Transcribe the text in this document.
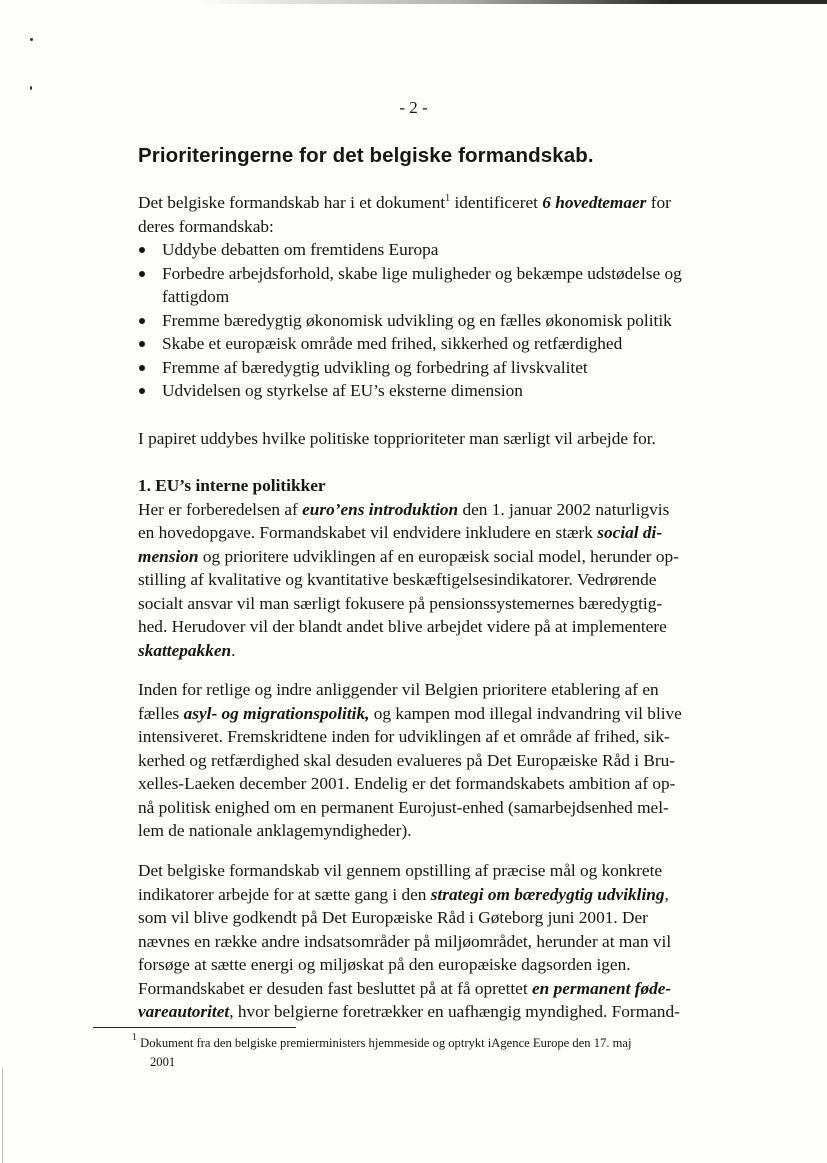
- 2 -
Prioriteringerne for det belgiske formandskab.
Det belgiske formandskab har i et dokument$^1$ identificeret 6 hovedtemaer for
deres formandskab:
Uddybe debatten om fremtidens Europa
Forbedre arbejdsforhold, skabe lige muligheder og bekæmpe udstødelse og
fattigdom
Fremme bæredygtig økonomisk udvikling og en fælles økonomisk politik
Skabe et europæisk område med frihed, sikkerhed og retfærdighed
Fremme af bæredygtig udvikling og forbedring af livskvalitet
Udvidelsen og styrkelse af EU’s eksterne dimension
I papiret uddybes hvilke politiske topprioriteter man særligt vil arbejde for.
1. EU’s interne politikker
Her er forberedelsen af euro’ens introduktion den 1. januar 2002 naturligvis
en hovedopgave. Formandskabet vil endvidere inkludere en stærk social di-
mension og prioritere udviklingen af en europæisk social model, herunder op-
stilling af kvalitative og kvantitative beskæftigelsesindikatorer. Vedrørende
socialt ansvar vil man særligt fokusere på pensionssystemernes bæredygtig-
hed. Herudover vil der blandt andet blive arbejdet videre på at implementere
skattepakken.
Inden for retlige og indre anliggender vil Belgien prioritere etablering af en
fælles asyl- og migrationspolitik, og kampen mod illegal indvandring vil blive
intensiveret. Fremskridtene inden for udviklingen af et område af frihed, sik-
kerhed og retfærdighed skal desuden evalueres på Det Europæiske Råd i Bru-
xelles-Laeken december 2001. Endelig er det formandskabets ambition af op-
nå politisk enighed om en permanent Eurojust-enhed (samarbejdsenhed mel-
lem de nationale anklagemyndigheder).
Det belgiske formandskab vil gennem opstilling af præcise mål og konkrete
indikatorer arbejde for at sætte gang i den strategi om bæredygtig udvikling,
som vil blive godkendt på Det Europæiske Råd i Gøteborg juni 2001. Der
nævnes en række andre indsatsområder på miljøområdet, herunder at man vil
forsøge at sætte energi og miljøskat på den europæiske dagsorden igen.
Formandskabet er desuden fast besluttet på at få oprettet en permanent føde-
vareautoritet, hvor belgierne foretrækker en uafhængig myndighed. Formand-
$^1$ Dokument fra den belgiske premierministers hjemmeside og optrykt iAgence Europe den 17. maj
2001
